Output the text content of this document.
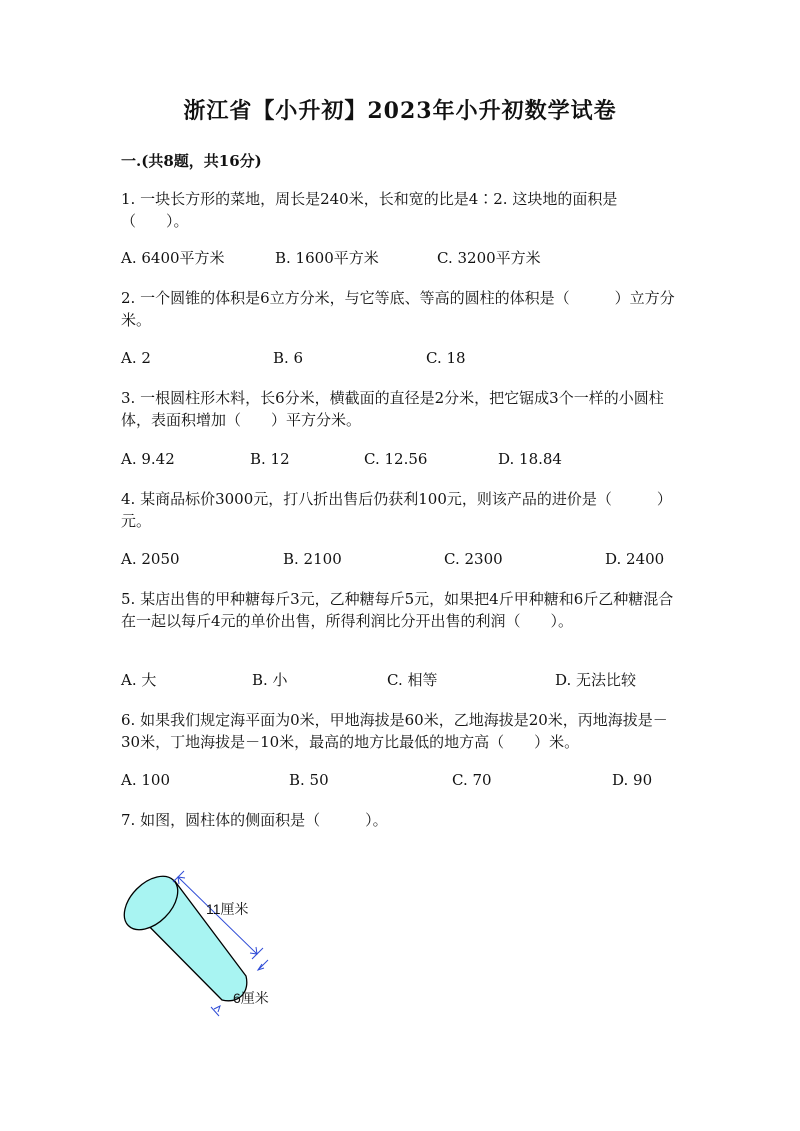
浙江省【小升初】2023年小升初数学试卷
一.(共8题，共16分)
1. 一块长方形的菜地，周长是240米，长和宽的比是4∶2. 这块地的面积是（　　）。
A. 6400平方米	B. 1600平方米	C. 3200平方米
2. 一个圆锥的体积是6立方分米，与它等底、等高的圆柱的体积是（　　　）立方分米。
A. 2	B. 6	C. 18
3. 一根圆柱形木料，长6分米，横截面的直径是2分米，把它锯成3个一样的小圆柱体，表面积增加（　　）平方分米。
A. 9.42	B. 12	C. 12.56	D. 18.84
4. 某商品标价3000元，打八折出售后仍获利100元，则该产品的进价是（　　　）元。
A. 2050	B. 2100	C. 2300	D. 2400
5. 某店出售的甲种糖每斤3元，乙种糖每斤5元，如果把4斤甲种糖和6斤乙种糖混合在一起以每斤4元的单价出售，所得利润比分开出售的利润（　　）。
A. 大	B. 小	C. 相等	D. 无法比较
6. 如果我们规定海平面为0米，甲地海拔是60米，乙地海拔是20米，丙地海拔是－30米，丁地海拔是－10米，最高的地方比最低的地方高（　　）米。
A. 100	B. 50	C. 70	D. 90
7. 如图，圆柱体的侧面积是（　　　）。
11厘米
6厘米
